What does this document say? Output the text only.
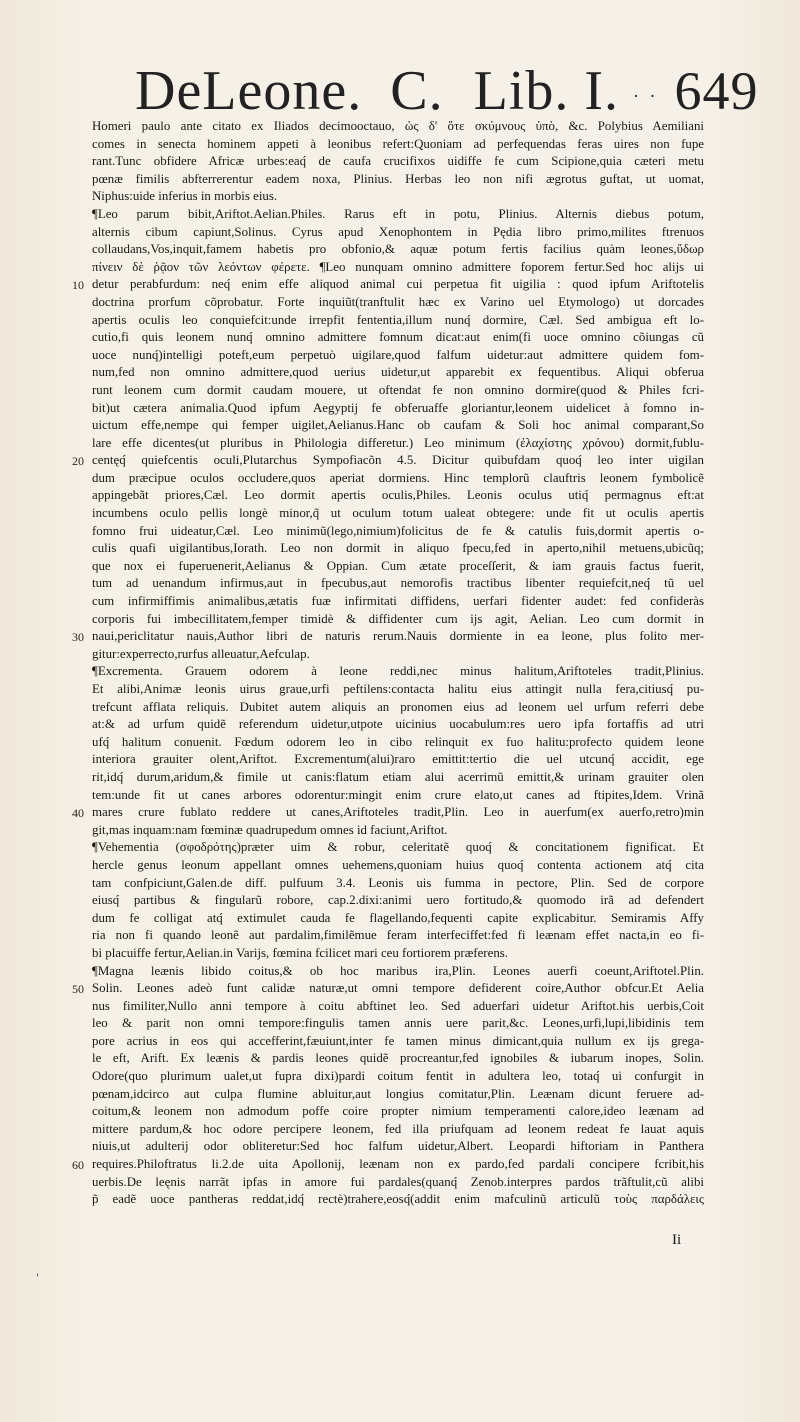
DeLeone. C. Lib. I. · · 649
Homeri paulo ante citato ex Iliados decimooctauo, ὡς δ' ὅτε σκύμνους ὑπὸ, &c. Polybius Aemiliani
comes in senecta hominem appeti à leonibus refert:Quoniam ad perfequendas feras uires non fupe
rant.Tunc obfidere Africæ urbes:eaq́ de caufa crucifixos uidiffe fe cum Scipione,quia cæteri metu
pœnæ fimilis abfterrerentur eadem noxa, Plinius. Herbas leo non nifi ægrotus guftat, ut uomat,
Niphus:uide inferius in morbis eius.
¶Leo parum bibit,Ariftot.Aelian.Philes. Rarus eft in potu, Plinius. Alternis diebus potum,
alternis cibum capiunt,Solinus. Cyrus apud Xenophontem in Pędia libro primo,milites ftrenuos
collaudans,Vos,inquit,famem habetis pro obfonio,& aquæ potum fertis facilius quàm leones,ὕδωρ
πίνειν δὲ ῥᾷον τῶν λεόντων φέρετε. ¶Leo nunquam omnino admittere foporem fertur.Sed hoc alijs ui
detur perabfurdum: neq́ enim effe aliquod animal cui perpetua fit uigilia : quod ipfum Ariftotelis
doctrina prorfum cõprobatur. Forte inquiũt(tranftulit hæc ex Varino uel Etymologo) ut dorcades
apertis oculis leo conquiefcit:unde irrepfit fententia,illum nunq́ dormire, Cæl. Sed ambigua eft lo-
cutio,fi quis leonem nunq́ omnino admittere fomnum dicat:aut enim(fi uoce omnino cõiungas cũ
uoce nunq́)intelligi poteft,eum perpetuò uigilare,quod falfum uidetur:aut admittere quidem fom-
num,fed non omnino admittere,quod uerius uidetur,ut apparebit ex fequentibus. Aliqui obferua
runt leonem cum dormit caudam mouere, ut oftendat fe non omnino dormire(quod & Philes fcri-
bit)ut cætera animalia.Quod ipfum Aegyptij fe obferuaffe gloriantur,leonem uidelicet à fomno in-
uictum effe,nempe qui femper uigilet,Aelianus.Hanc ob caufam & Soli hoc animal comparant,So
lare effe dicentes(ut pluribus in Philologia differetur.) Leo minimum (ἐλαχίστης χρόνου) dormit,fublu-
centęq́ quiefcentis oculi,Plutarchus Sympofiacõn 4.5. Dicitur quibufdam quoq́ leo inter uigilan
dum præcipue oculos occludere,quos aperiat dormiens. Hinc templorũ clauftris leonem fymbolicẽ
appingebãt priores,Cæl. Leo dormit apertis oculis,Philes. Leonis oculus utiq́ permagnus eft:at
incumbens oculo pellis longè minor,q̃ ut oculum totum ualeat obtegere: unde fit ut oculis apertis
fomno frui uideatur,Cæl. Leo minimũ(lego,nimium)folicitus de fe & catulis fuis,dormit apertis o-
culis quafi uigilantibus,Iorath. Leo non dormit in aliquo fpecu,fed in aperto,nihil metuens,ubicũq;
que nox ei fuperuenerit,Aelianus & Oppian. Cum ætate proceſſerit, & iam grauis factus fuerit,
tum ad uenandum infirmus,aut in fpecubus,aut nemorofis tractibus libenter requiefcit,neq́ tũ uel
cum infirmiffimis animalibus,ætatis fuæ infirmitati diffidens, uerfari fidenter audet: fed confideràs
corporis fui imbecillitatem,femper timidè & diffidenter cum ijs agit, Aelian. Leo cum dormit in
naui,periclitatur nauis,Author libri de naturis rerum.Nauis dormiente in ea leone, plus folito mer-
gitur:experrecto,rurfus alleuatur,Aefculap.
¶Excrementa. Grauem odorem à leone reddi,nec minus halitum,Ariftoteles tradit,Plinius.
Et alibi,Animæ leonis uirus graue,urfi peftilens:contacta halitu eius attingit nulla fera,citiusq́ pu-
trefcunt afflata reliquis. Dubitet autem aliquis an pronomen eius ad leonem uel urfum referri debe
at:& ad urfum quidẽ referendum uidetur,utpote uicinius uocabulum:res uero ipfa fortaffis ad utri
ufq́ halitum conuenit. Fœdum odorem leo in cibo relinquit ex fuo halitu:profecto quidem leone
interiora grauiter olent,Ariftot. Excrementum(alui)raro emittit:tertio die uel utcunq́ accidit, ege
rit,idq́ durum,aridum,& fimile ut canis:flatum etiam alui acerrimũ emittit,& urinam grauiter olen
tem:unde fit ut canes arbores odorentur:mingit enim crure elato,ut canes ad ftipites,Idem. Vrinã
mares crure fublato reddere ut canes,Ariftoteles tradit,Plin. Leo in auerfum(ex auerfo,retro)min
git,mas inquam:nam fœminæ quadrupedum omnes id faciunt,Ariftot.
¶Vehementia (σφοδρότης)præter uim & robur, celeritatẽ quoq́ & concitationem fignificat. Et
hercle genus leonum appellant omnes uehemens,quoniam huius quoq́ contenta actionem atq́ cita
tam confpiciunt,Galen.de diff. pulfuum 3.4. Leonis uis fumma in pectore, Plin. Sed de corpore
eiusq́ partibus & fingularũ robore, cap.2.dixi:animi uero fortitudo,& quomodo irã ad defendert
dum fe colligat atq́ extimulet cauda fe flagellando,fequenti capite explicabitur. Semiramis Affy
ria non fi quando leonẽ aut pardalim,fimilẽmue feram interfeciffet:fed fi leænam effet nacta,in eo fi-
bi placuiffe fertur,Aelian.in Varijs, fœmina fcilicet mari ceu fortiorem præferens.
¶Magna leænis libido coitus,& ob hoc maribus ira,Plin. Leones auerfi coeunt,Ariftotel.Plin.
Solin. Leones adeò funt calidæ naturæ,ut omni tempore defiderent coire,Author obfcur.Et Aelia
nus fimiliter,Nullo anni tempore à coitu abftinet leo. Sed aduerfari uidetur Ariftot.his uerbis,Coit
leo & parit non omni tempore:fingulis tamen annis uere parit,&c. Leones,urfi,lupi,libidinis tem
pore acrius in eos qui accefferint,fæuiunt,inter fe tamen minus dimicant,quia nullum ex ijs grega-
le eft, Arift. Ex leænis & pardis leones quidẽ procreantur,fed ignobiles & iubarum inopes, Solin.
Odore(quo plurimum ualet,ut fupra dixi)pardi coitum fentit in adultera leo, totaq́ ui confurgit in
pœnam,idcirco aut culpa flumine abluitur,aut longius comitatur,Plin. Leænam dicunt feruere ad-
coitum,& leonem non admodum poffe coire propter nimium temperamenti calore,ideo leænam ad
mittere pardum,& hoc odore percipere leonem, fed illa priufquam ad leonem redeat fe lauat aquis
niuis,ut adulterij odor obliteretur:Sed hoc falfum uidetur,Albert. Leopardi hiftoriam in Panthera
requires.Philoftratus li.2.de uita Apollonij, leænam non ex pardo,fed pardali concipere fcribit,his
uerbis.De leęnis narrãt ipfas in amore fui pardales(quanq́ Zenob.interpres pardos trãftulit,cũ alibi
p̃ eadẽ uoce pantheras reddat,idq́ rectè)trahere,eosq́(addit enim mafculinũ articulũ τοὺς παρδάλεις
10
20
30
40
50
60
Ii
'
